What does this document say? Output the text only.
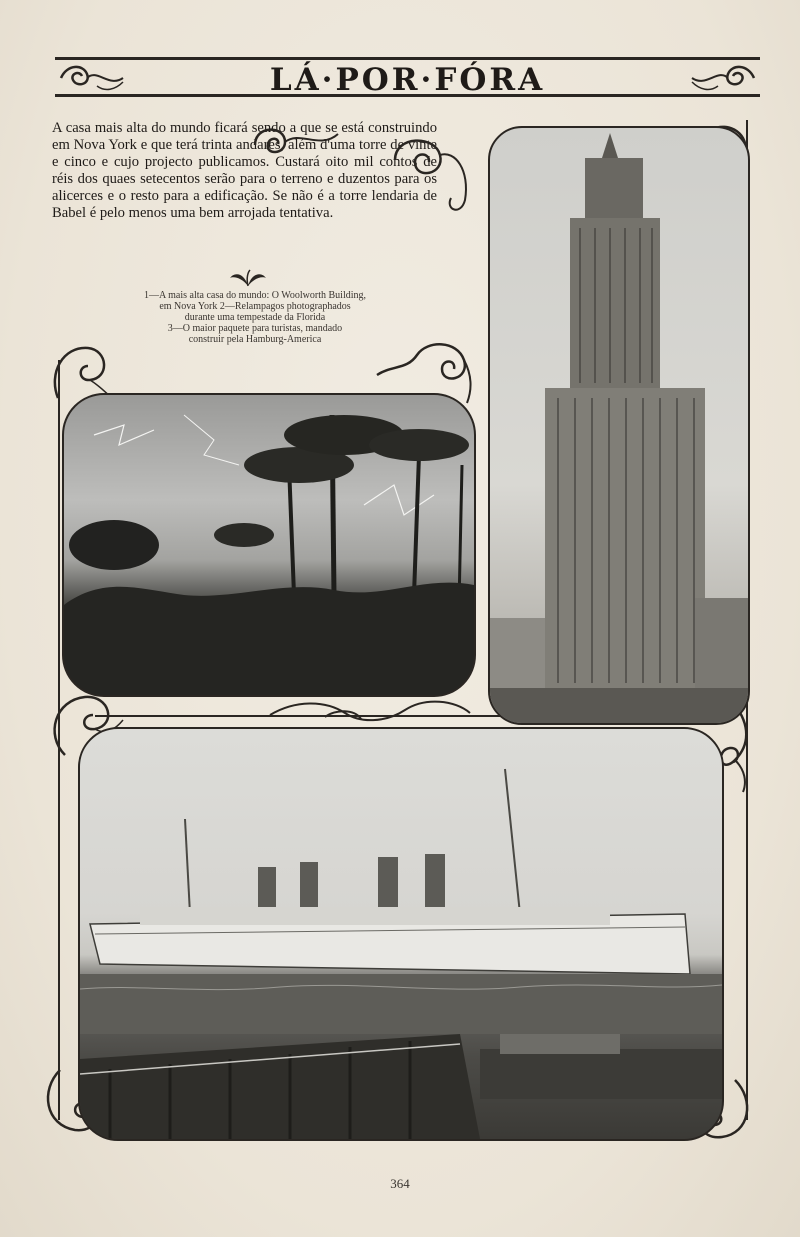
LÁ·POR·FÓRA
A casa mais alta do mundo ficará sendo a que se está construindo em Nova York e que terá trinta andares, além d'uma torre de vinte e cinco e cujo projecto publicamos. Custará oito mil contos de réis dos quaes setecentos serão para o terreno e duzentos para os alicerces e o resto para a edificação. Se não é a torre lendaria de Babel é pelo menos uma bem arrojada tentativa.
1—A mais alta casa do mundo: O Woolworth Building,
em Nova York 2—Relampagos photographados
durante uma tempestade da Florida
3—O maior paquete para turistas, mandado
construir pela Hamburg-America
364
